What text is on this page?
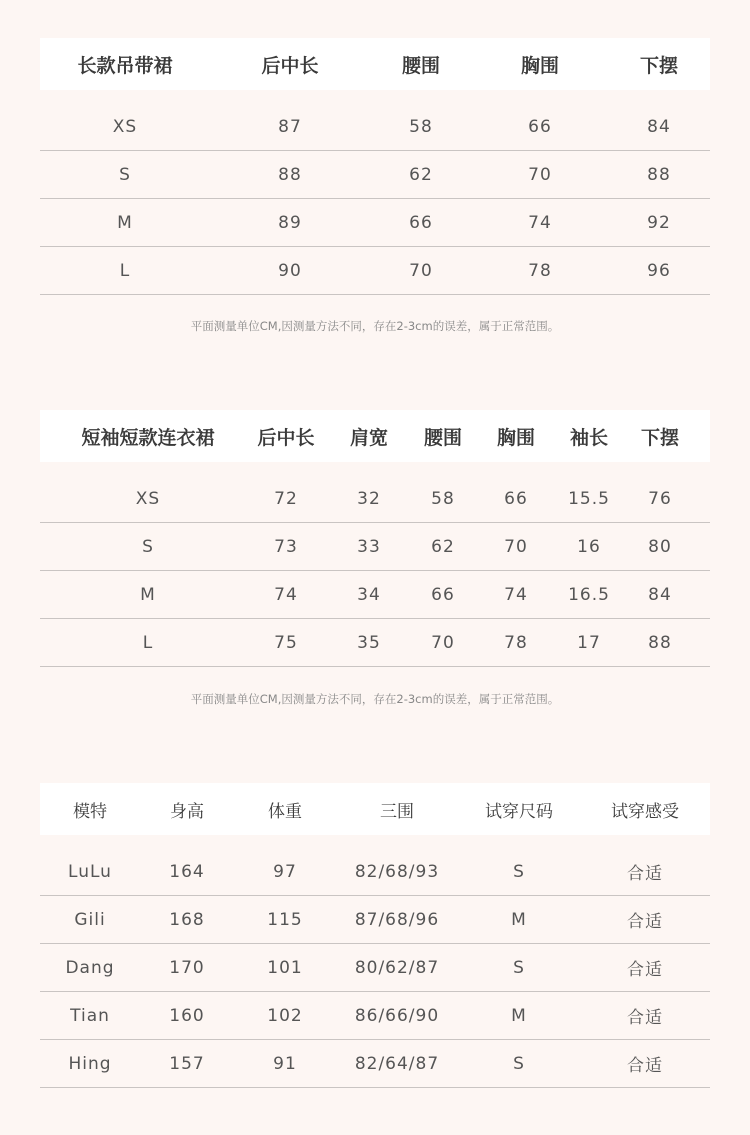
长款吊带裙	后中长	腰围	胸围	下摆
XS	87	58	66	84
S	88	62	70	88
M	89	66	74	92
L	90	70	78	96
平面测量单位CM,因测量方法不同，存在2-3cm的误差，属于正常范围。
短袖短款连衣裙	后中长	肩宽	腰围	胸围	袖长	下摆
XS	72	32	58	66	15.5	76
S	73	33	62	70	16	80
M	74	34	66	74	16.5	84
L	75	35	70	78	17	88
平面测量单位CM,因测量方法不同，存在2-3cm的误差，属于正常范围。
模特	身高	体重	三围	试穿尺码	试穿感受
LuLu	164	97	82/68/93	S	合适
Gili	168	115	87/68/96	M	合适
Dang	170	101	80/62/87	S	合适
Tian	160	102	86/66/90	M	合适
Hing	157	91	82/64/87	S	合适
